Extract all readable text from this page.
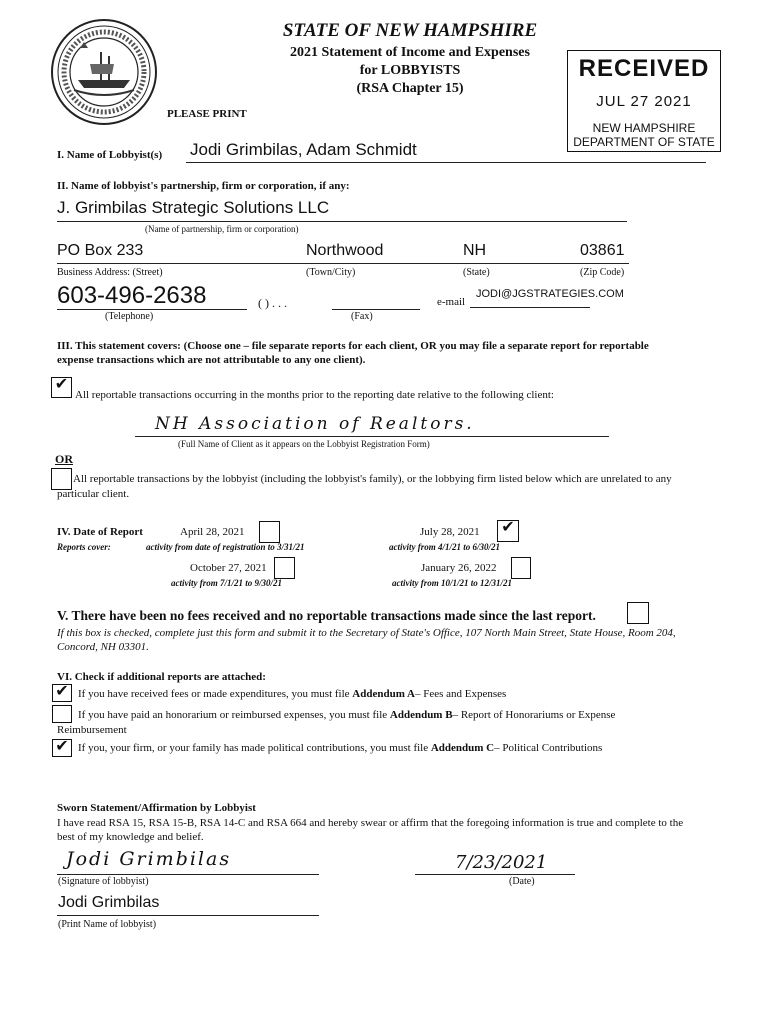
STATE OF NEW HAMPSHIRE
2021 Statement of Income and Expenses
for LOBBYISTS
(RSA Chapter 15)
PLEASE PRINT
RECEIVED
JUL 27 2021
NEW HAMPSHIRE
DEPARTMENT OF STATE
I. Name of Lobbyist(s) Jodi Grimbilas, Adam Schmidt
II. Name of lobbyist's partnership, firm or corporation, if any:
J. Grimbilas Strategic Solutions LLC
(Name of partnership, firm or corporation)
PO Box 233	Northwood	NH	03861
Business Address: (Street)	(Town/City)	(State)	(Zip Code)
603-496-2638
(Telephone)
( ) . . .
(Fax)
e-mail
JODI@JGSTRATEGIES.COM
III. This statement covers: (Choose one – file separate reports for each client, OR you may file a separate report for reportable expense transactions which are not attributable to any one client).
✔
All reportable transactions occurring in the months prior to the reporting date relative to the following client:
NH Association of Realtors.
(Full Name of Client as it appears on the Lobbyist Registration Form)
OR
All reportable transactions by the lobbyist (including the lobbyist's family), or the lobbying firm listed below which are unrelated to any particular client.
IV. Date of Report
Reports cover:
April 28, 2021
activity from date of registration to 3/31/21
July 28, 2021 ✔
activity from 4/1/21 to 6/30/21
October 27, 2021
activity from 7/1/21 to 9/30/21
January 26, 2022
activity from 10/1/21 to 12/31/21
V. There have been no fees received and no reportable transactions made since the last report.
If this box is checked, complete just this form and submit it to the Secretary of State's Office, 107 North Main Street, State House, Room 204, Concord, NH 03301.
VI. Check if additional reports are attached:
✔ If you have received fees or made expenditures, you must file Addendum A– Fees and Expenses
If you have paid an honorarium or reimbursed expenses, you must file Addendum B– Report of Honorariums or Expense Reimbursement
✔ If you, your firm, or your family has made political contributions, you must file Addendum C– Political Contributions
Sworn Statement/Affirmation by Lobbyist
I have read RSA 15, RSA 15-B, RSA 14-C and RSA 664 and hereby swear or affirm that the foregoing information is true and complete to the best of my knowledge and belief.
Jodi Grimbilas
(Signature of lobbyist)
7/23/2021
(Date)
Jodi Grimbilas
(Print Name of lobbyist)
